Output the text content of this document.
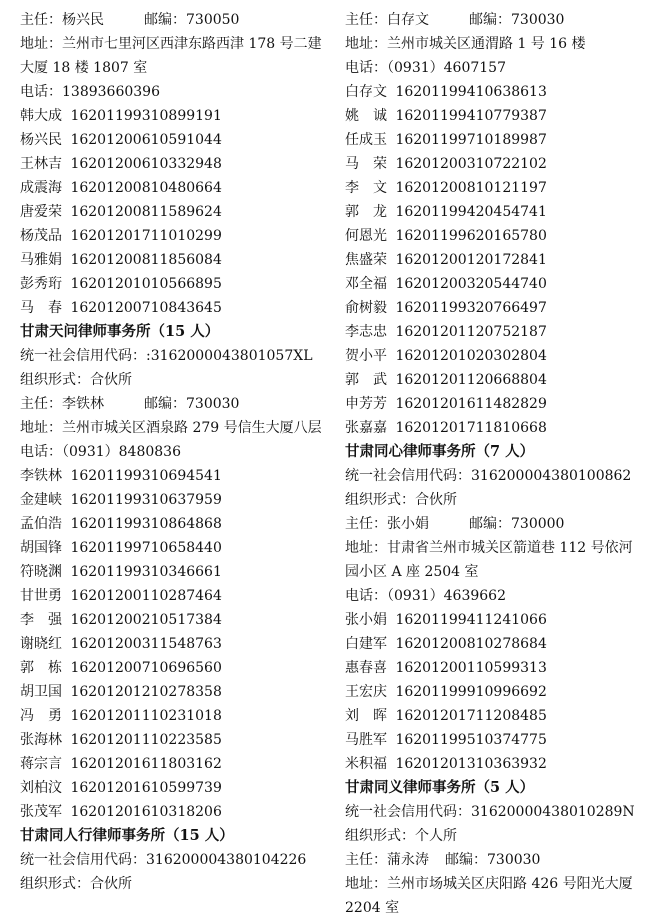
主任：杨兴民	邮编：730050
地址：兰州市七里河区西津东路西津 178 号二建大厦 18 楼 1807 室
电话：13893660396
韩大成 16201199310899191
杨兴民 16201200610591044
王林吉 16201200610332948
成震海 16201200810480664
唐爱荣 16201200811589624
杨茂品 16201201711010299
马雅娟 16201200811856084
彭秀珩 16201201010566895
马　春 16201200710843645
甘肃天问律师事务所（15 人）
统一社会信用代码：:3162000043801057XL
组织形式：合伙所
主任：李铁林	邮编：730030
地址：兰州市城关区酒泉路 279 号信生大厦八层
电话：（0931）8480836
李铁林 16201199310694541
金建峡 16201199310637959
孟伯浩 16201199310864868
胡国锋 16201199710658440
符晓渊 16201199310346661
甘世勇 16201200110287464
李　强 16201200210517384
谢晓红 16201200311548763
郭　栋 16201200710696560
胡卫国 16201201210278358
冯　勇 16201201110231018
张海林 16201201110223585
蒋宗言 16201201611803162
刘柏汶 16201201610599739
张茂军 16201201610318206
甘肃同人行律师事务所（15 人）
统一社会信用代码：316200004380104226
组织形式：合伙所
主任：白存文	邮编：730030
地址：兰州市城关区通渭路 1 号 16 楼
电话：（0931）4607157
白存文 16201199410638613
姚　诚 16201199410779387
任成玉 16201199710189987
马　荣 16201200310722102
李　文 16201200810121197
郭　龙 16201199420454741
何恩光 16201199620165780
焦盛荣 16201200120172841
邓全福 16201200320544740
俞树毅 16201199320766497
李志忠 16201201120752187
贺小平 16201201020302804
郭　武 16201201120668804
申芳芳 16201201611482829
张嘉嘉 16201201711810668
甘肃同心律师事务所（7 人）
统一社会信用代码：316200004380100862
组织形式：合伙所
主任：张小娟	邮编：730000
地址：甘肃省兰州市城关区箭道巷 112 号依河园小区 A 座 2504 室
电话：（0931）4639662
张小娟 16201199411241066
白建军 16201200810278684
惠春喜 16201200110599313
王宏庆 16201199910996692
刘　晖 16201201711208485
马胜军 16201199510374775
米积福 16201201310363932
甘肃同义律师事务所（5 人）
统一社会信用代码：31620000438010289N
组织形式：个人所
主任：蒲永涛 邮编：730030
地址：兰州市场城关区庆阳路 426 号阳光大厦 2204 室
